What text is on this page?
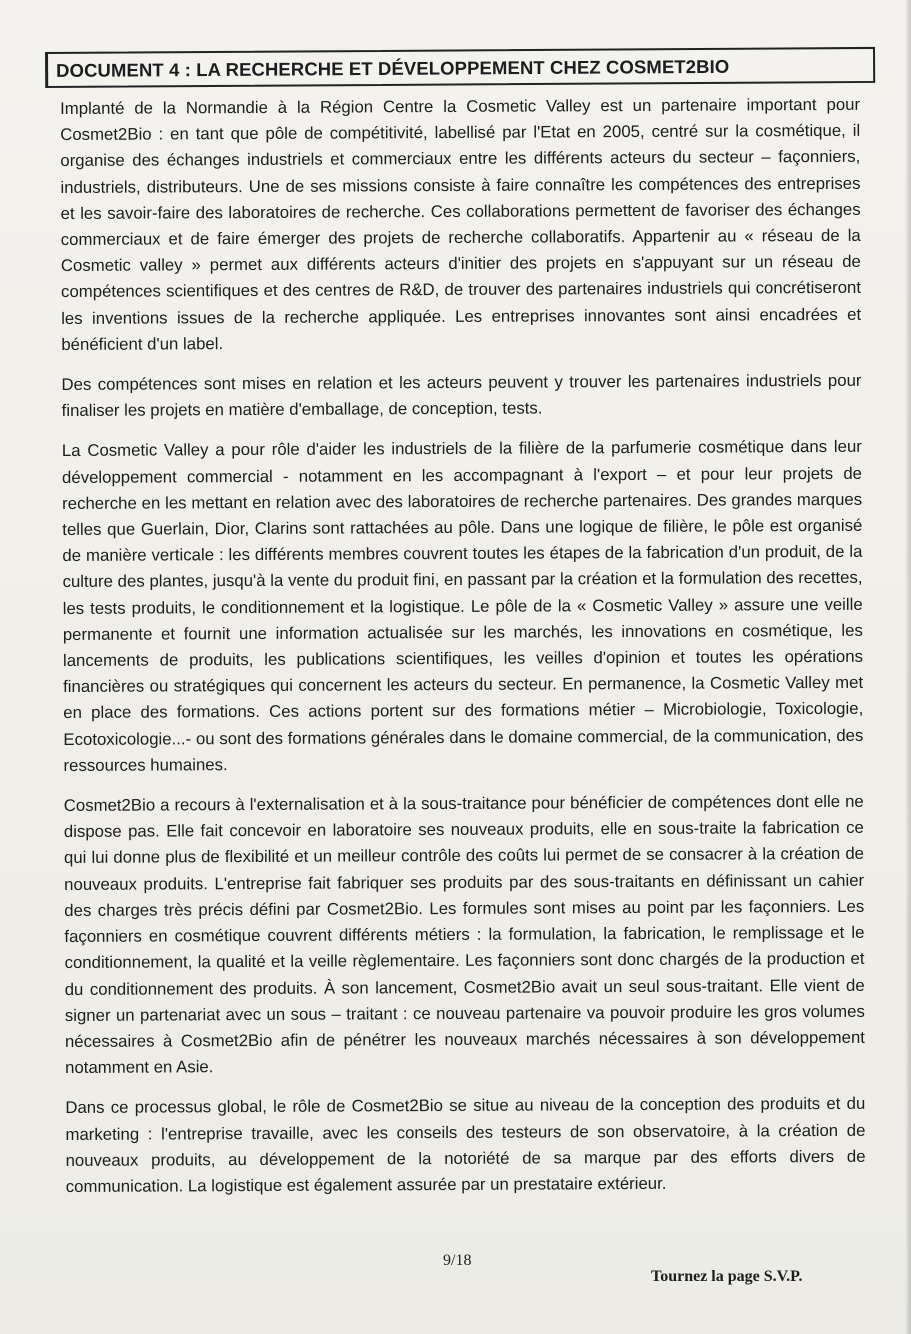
DOCUMENT 4 : LA RECHERCHE ET DÉVELOPPEMENT CHEZ COSMET2BIO

Implanté de la Normandie à la Région Centre la Cosmetic Valley est un partenaire important pour Cosmet2Bio : en tant que pôle de compétitivité, labellisé par l'Etat en 2005, centré sur la cosmétique, il organise des échanges industriels et commerciaux entre les différents acteurs du secteur – façonniers, industriels, distributeurs. Une de ses missions consiste à faire connaître les compétences des entreprises et les savoir-faire des laboratoires de recherche. Ces collaborations permettent de favoriser des échanges commerciaux et de faire émerger des projets de recherche collaboratifs. Appartenir au « réseau de la Cosmetic valley » permet aux différents acteurs d'initier des projets en s'appuyant sur un réseau de compétences scientifiques et des centres de R&D, de trouver des partenaires industriels qui concrétiseront les inventions issues de la recherche appliquée. Les entreprises innovantes sont ainsi encadrées et bénéficient d'un label.

Des compétences sont mises en relation et les acteurs peuvent y trouver les partenaires industriels pour finaliser les projets en matière d'emballage, de conception, tests.

La Cosmetic Valley a pour rôle d'aider les industriels de la filière de la parfumerie cosmétique dans leur développement commercial - notamment en les accompagnant à l'export – et pour leur projets de recherche en les mettant en relation avec des laboratoires de recherche partenaires. Des grandes marques telles que Guerlain, Dior, Clarins sont rattachées au pôle. Dans une logique de filière, le pôle est organisé de manière verticale : les différents membres couvrent toutes les étapes de la fabrication d'un produit, de la culture des plantes, jusqu'à la vente du produit fini, en passant par la création et la formulation des recettes, les tests produits, le conditionnement et la logistique. Le pôle de la « Cosmetic Valley » assure une veille permanente et fournit une information actualisée sur les marchés, les innovations en cosmétique, les lancements de produits, les publications scientifiques, les veilles d'opinion et toutes les opérations financières ou stratégiques qui concernent les acteurs du secteur. En permanence, la Cosmetic Valley met en place des formations. Ces actions portent sur des formations métier – Microbiologie, Toxicologie, Ecotoxicologie...- ou sont des formations générales dans le domaine commercial, de la communication, des ressources humaines.

Cosmet2Bio a recours à l'externalisation et à la sous-traitance pour bénéficier de compétences dont elle ne dispose pas. Elle fait concevoir en laboratoire ses nouveaux produits, elle en sous-traite la fabrication ce qui lui donne plus de flexibilité et un meilleur contrôle des coûts lui permet de se consacrer à la création de nouveaux produits. L'entreprise fait fabriquer ses produits par des sous-traitants en définissant un cahier des charges très précis défini par Cosmet2Bio. Les formules sont mises au point par les façonniers. Les façonniers en cosmétique couvrent différents métiers : la formulation, la fabrication, le remplissage et le conditionnement, la qualité et la veille règlementaire. Les façonniers sont donc chargés de la production et du conditionnement des produits. À son lancement, Cosmet2Bio avait un seul sous-traitant. Elle vient de signer un partenariat avec un sous – traitant : ce nouveau partenaire va pouvoir produire les gros volumes nécessaires à Cosmet2Bio afin de pénétrer les nouveaux marchés nécessaires à son développement notamment en Asie.

Dans ce processus global, le rôle de Cosmet2Bio se situe au niveau de la conception des produits et du marketing : l'entreprise travaille, avec les conseils des testeurs de son observatoire, à la création de nouveaux produits, au développement de la notoriété de sa marque par des efforts divers de communication. La logistique est également assurée par un prestataire extérieur.

9/18
Tournez la page S.V.P.
